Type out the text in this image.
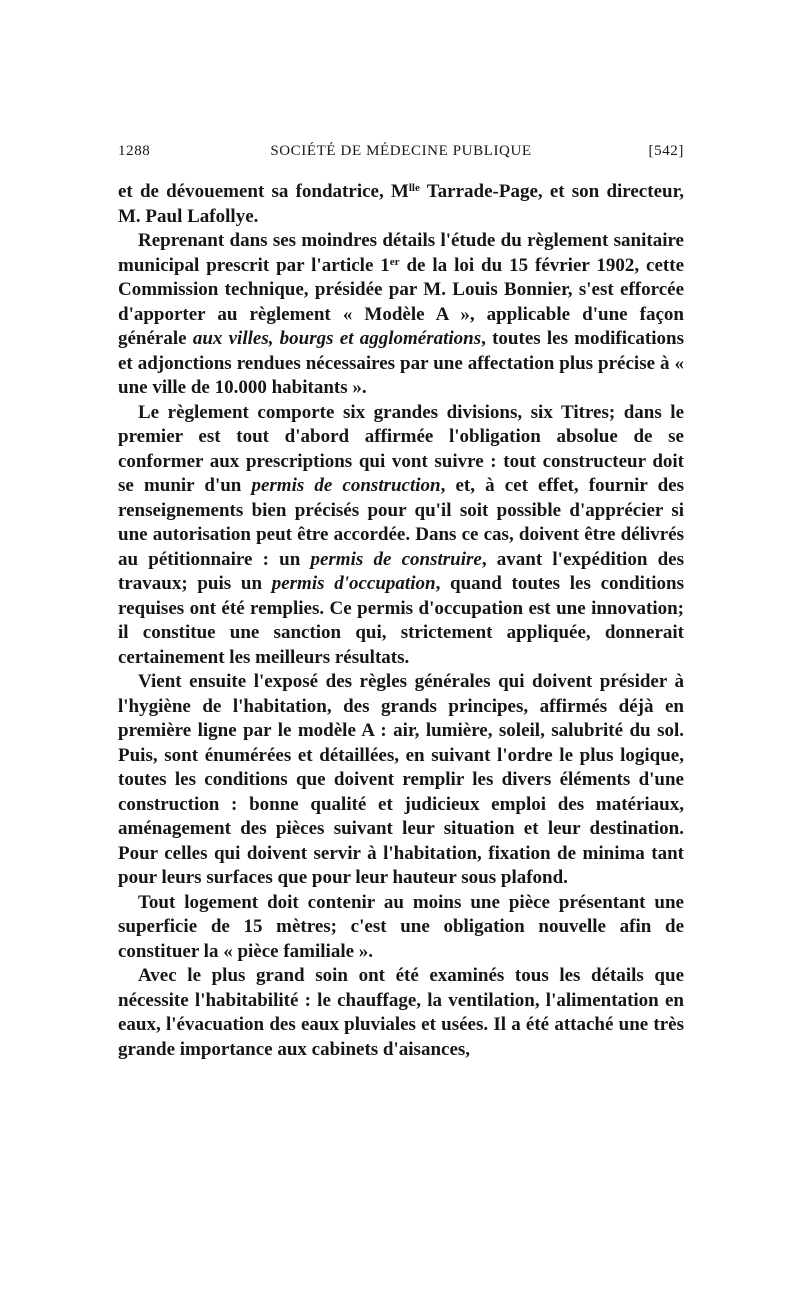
1288	SOCIÉTÉ DE MÉDECINE PUBLIQUE	[542]

et de dévouement sa fondatrice, $M^{lle}$ Tarrade-Page, et son directeur, M. Paul Lafollye.

Reprenant dans ses moindres détails l'étude du règlement sanitaire municipal prescrit par l'article 1er de la loi du 15 février 1902, cette Commission technique, présidée par M. Louis Bonnier, s'est efforcée d'apporter au règlement « Modèle A », applicable d'une façon générale aux villes, bourgs et agglomérations, toutes les modifications et adjonctions rendues nécessaires par une affectation plus précise à « une ville de 10.000 habitants ».

Le règlement comporte six grandes divisions, six Titres; dans le premier est tout d'abord affirmée l'obligation absolue de se conformer aux prescriptions qui vont suivre : tout constructeur doit se munir d'un permis de construction, et, à cet effet, fournir des renseignements bien précisés pour qu'il soit possible d'apprécier si une autorisation peut être accordée. Dans ce cas, doivent être délivrés au pétitionnaire : un permis de construire, avant l'expédition des travaux; puis un permis d'occupation, quand toutes les conditions requises ont été remplies. Ce permis d'occupation est une innovation; il constitue une sanction qui, strictement appliquée, donnerait certainement les meilleurs résultats.

Vient ensuite l'exposé des règles générales qui doivent présider à l'hygiène de l'habitation, des grands principes, affirmés déjà en première ligne par le modèle A : air, lumière, soleil, salubrité du sol. Puis, sont énumérées et détaillées, en suivant l'ordre le plus logique, toutes les conditions que doivent remplir les divers éléments d'une construction : bonne qualité et judicieux emploi des matériaux, aménagement des pièces suivant leur situation et leur destination. Pour celles qui doivent servir à l'habitation, fixation de minima tant pour leurs surfaces que pour leur hauteur sous plafond.

Tout logement doit contenir au moins une pièce présentant une superficie de 15 mètres; c'est une obligation nouvelle afin de constituer la « pièce familiale ».

Avec le plus grand soin ont été examinés tous les détails que nécessite l'habitabilité : le chauffage, la ventilation, l'alimentation en eaux, l'évacuation des eaux pluviales et usées. Il a été attaché une très grande importance aux cabinets d'aisances,
